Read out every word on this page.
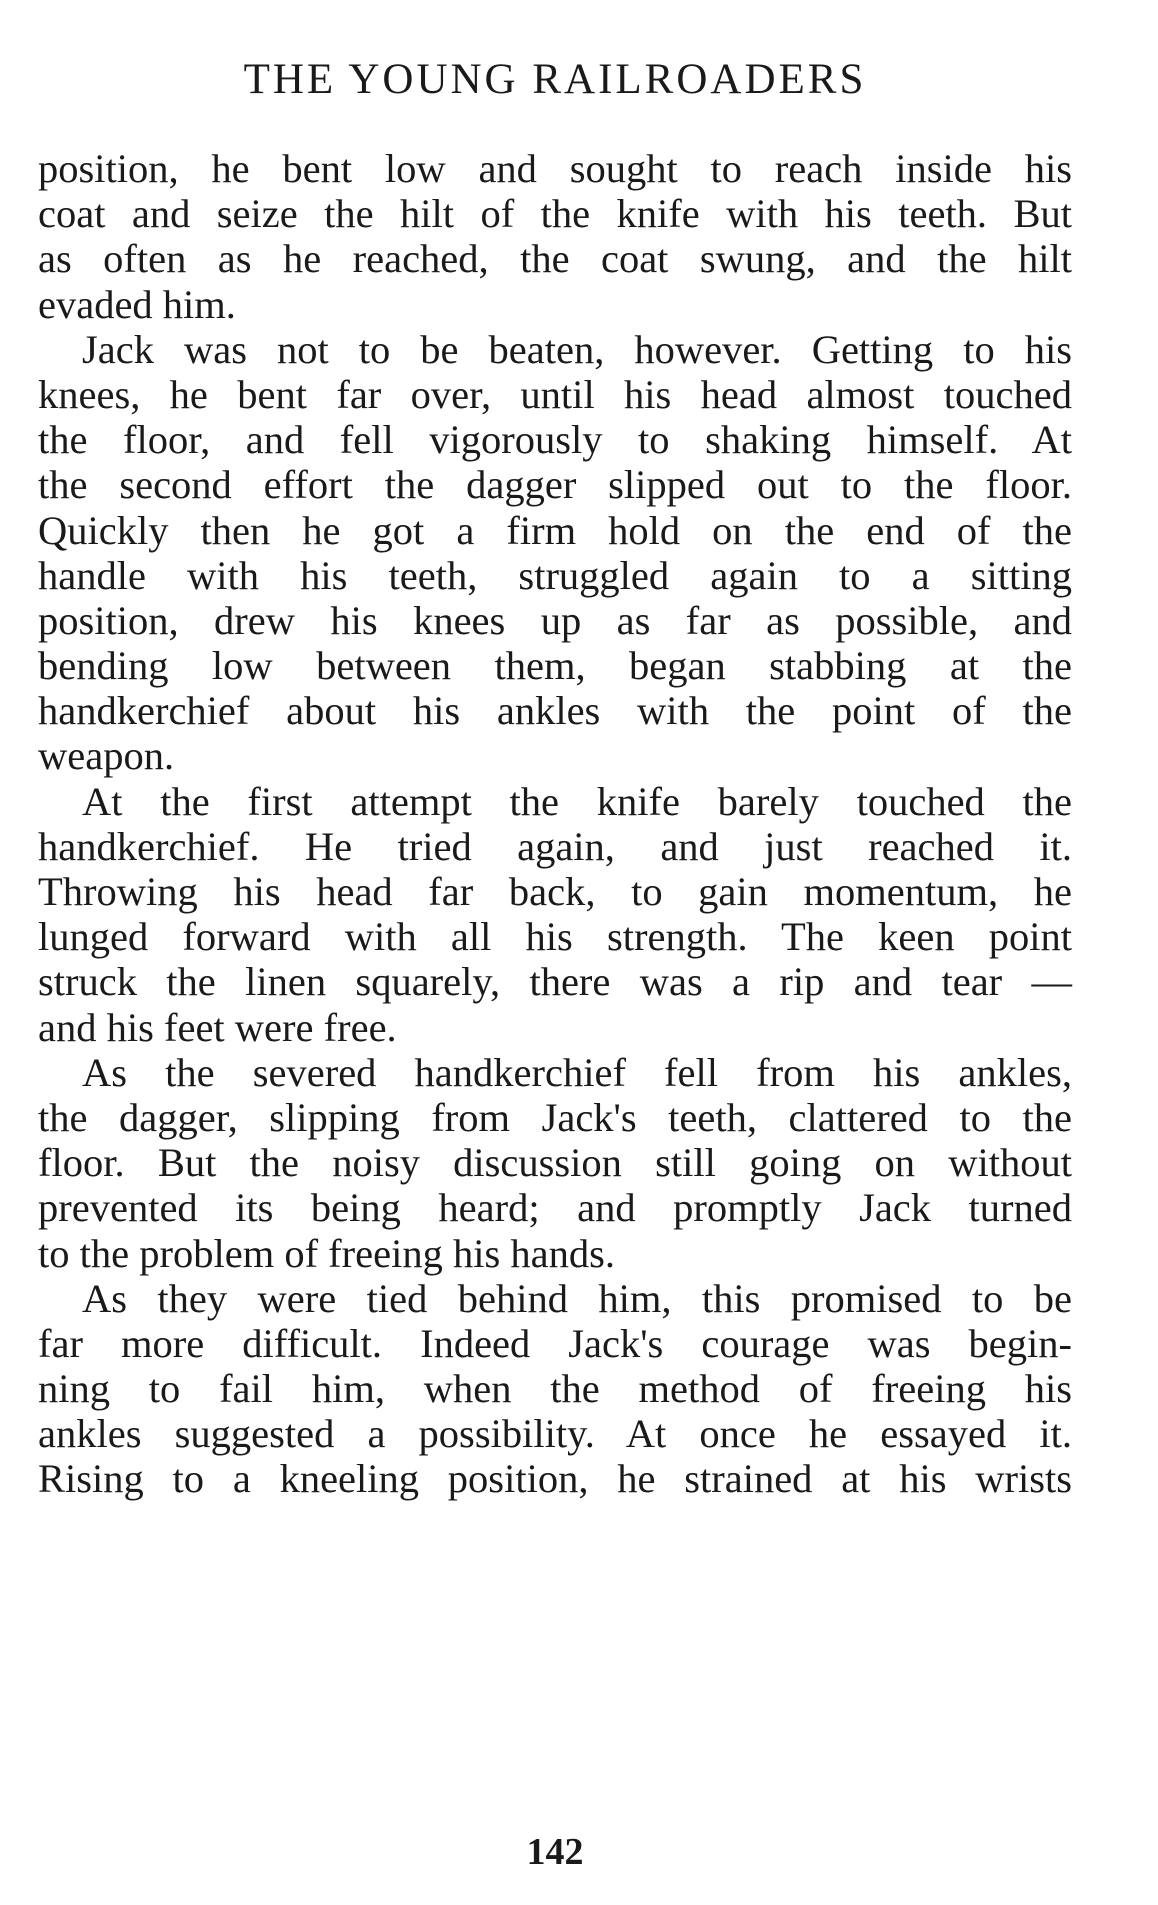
THE YOUNG RAILROADERS
position, he bent low and sought to reach inside his
coat and seize the hilt of the knife with his teeth. But
as often as he reached, the coat swung, and the hilt
evaded him.
Jack was not to be beaten, however. Getting to his
knees, he bent far over, until his head almost touched
the floor, and fell vigorously to shaking himself. At
the second effort the dagger slipped out to the floor.
Quickly then he got a firm hold on the end of the
handle with his teeth, struggled again to a sitting
position, drew his knees up as far as possible, and
bending low between them, began stabbing at the
handkerchief about his ankles with the point of the
weapon.
At the first attempt the knife barely touched the
handkerchief. He tried again, and just reached it.
Throwing his head far back, to gain momentum, he
lunged forward with all his strength. The keen point
struck the linen squarely, there was a rip and tear —
and his feet were free.
As the severed handkerchief fell from his ankles,
the dagger, slipping from Jack's teeth, clattered to the
floor. But the noisy discussion still going on without
prevented its being heard; and promptly Jack turned
to the problem of freeing his hands.
As they were tied behind him, this promised to be
far more difficult. Indeed Jack's courage was begin-
ning to fail him, when the method of freeing his
ankles suggested a possibility. At once he essayed it.
Rising to a kneeling position, he strained at his wrists
142
